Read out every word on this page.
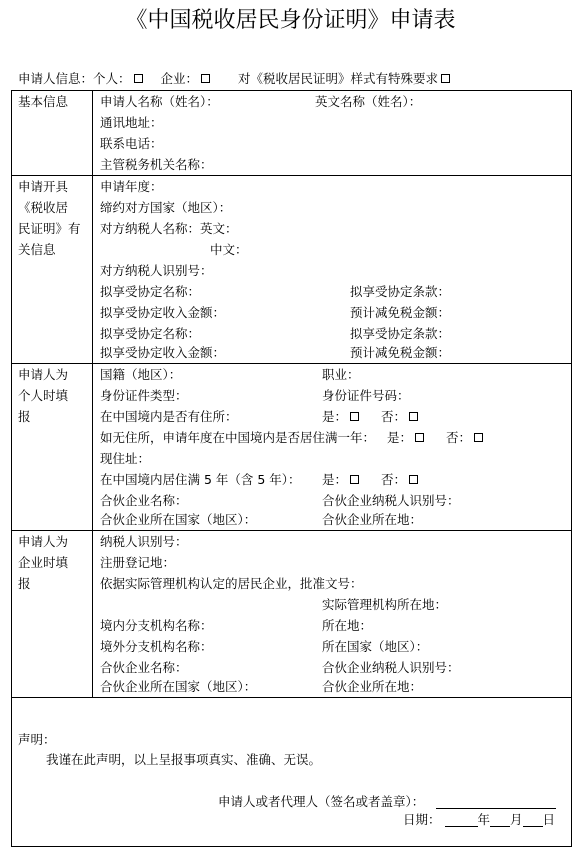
《中国税收居民身份证明》申请表
申请人信息：个人： 企业：	对《税收居民证明》样式有特殊要求
基本信息	申请人名称（姓名）：	英文名称（姓名）：
通讯地址：
联系电话：
主管税务机关名称：
申请开具
《税收居
民证明》有
关信息
申请年度：
缔约对方国家（地区）：
对方纳税人名称：英文：
中文：
对方纳税人识别号：
拟享受协定名称：	拟享受协定条款：
拟享受协定收入金额：	预计减免税金额：
拟享受协定名称：	拟享受协定条款：
拟享受协定收入金额：	预计减免税金额：
申请人为
个人时填
报
国籍（地区）：	职业：
身份证件类型：	身份证件号码：
在中国境内是否有住所：	是：	否：
如无住所，申请年度在中国境内是否居住满一年： 是：	否：
现住址：
在中国境内居住满 5 年（含 5 年）： 是：	否：
合伙企业名称：	合伙企业纳税人识别号：
合伙企业所在国家（地区）：	合伙企业所在地：
申请人为
企业时填
报
纳税人识别号：
注册登记地：
依据实际管理机构认定的居民企业，批准文号：
实际管理机构所在地：
境内分支机构名称：	所在地：
境外分支机构名称：	所在国家（地区）：
合伙企业名称：	合伙企业纳税人识别号：
合伙企业所在国家（地区）：	合伙企业所在地：
声明：
我谨在此声明，以上呈报事项真实、准确、无误。
申请人或者代理人（签名或者盖章）：
日期：	年 月 日
